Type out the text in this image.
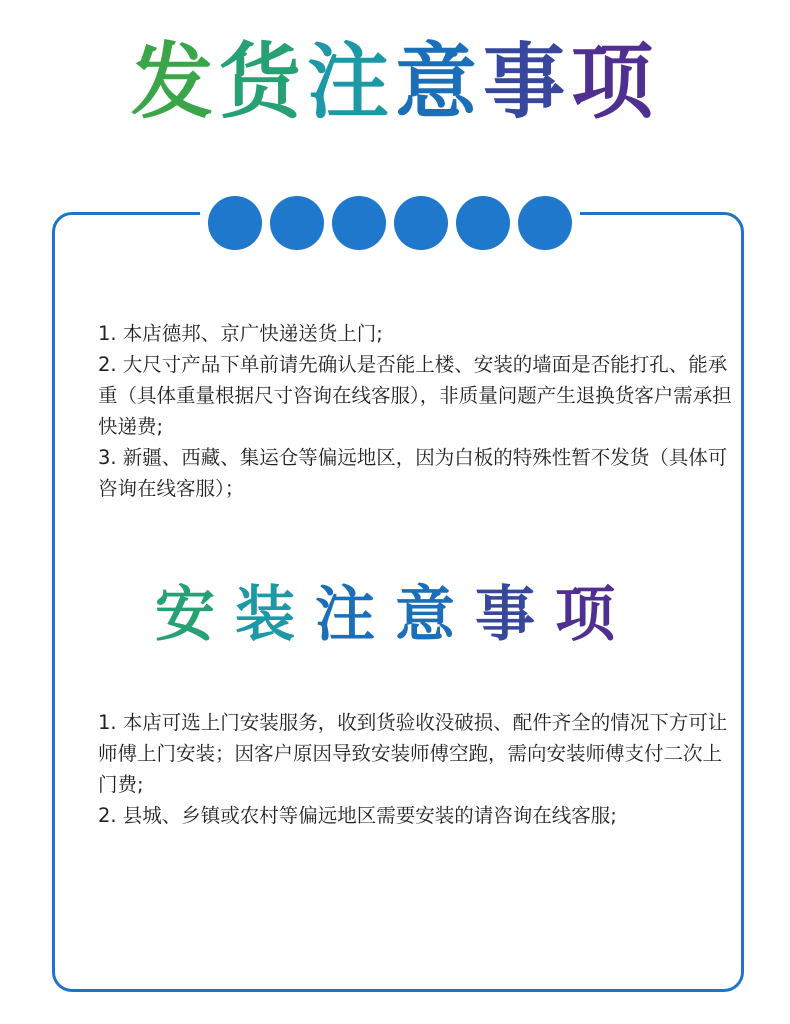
发货注意事项
1. 本店德邦、京广快递送货上门;
2. 大尺寸产品下单前请先确认是否能上楼、安装的墙面是否能打孔、能承重（具体重量根据尺寸咨询在线客服），非质量问题产生退换货客户需承担快递费;
3. 新疆、西藏、集运仓等偏远地区，因为白板的特殊性暂不发货（具体可咨询在线客服）；
安装注意事项
1. 本店可选上门安装服务，收到货验收没破损、配件齐全的情况下方可让师傅上门安装；因客户原因导致安装师傅空跑，需向安装师傅支付二次上门费;
2. 县城、乡镇或农村等偏远地区需要安装的请咨询在线客服;
